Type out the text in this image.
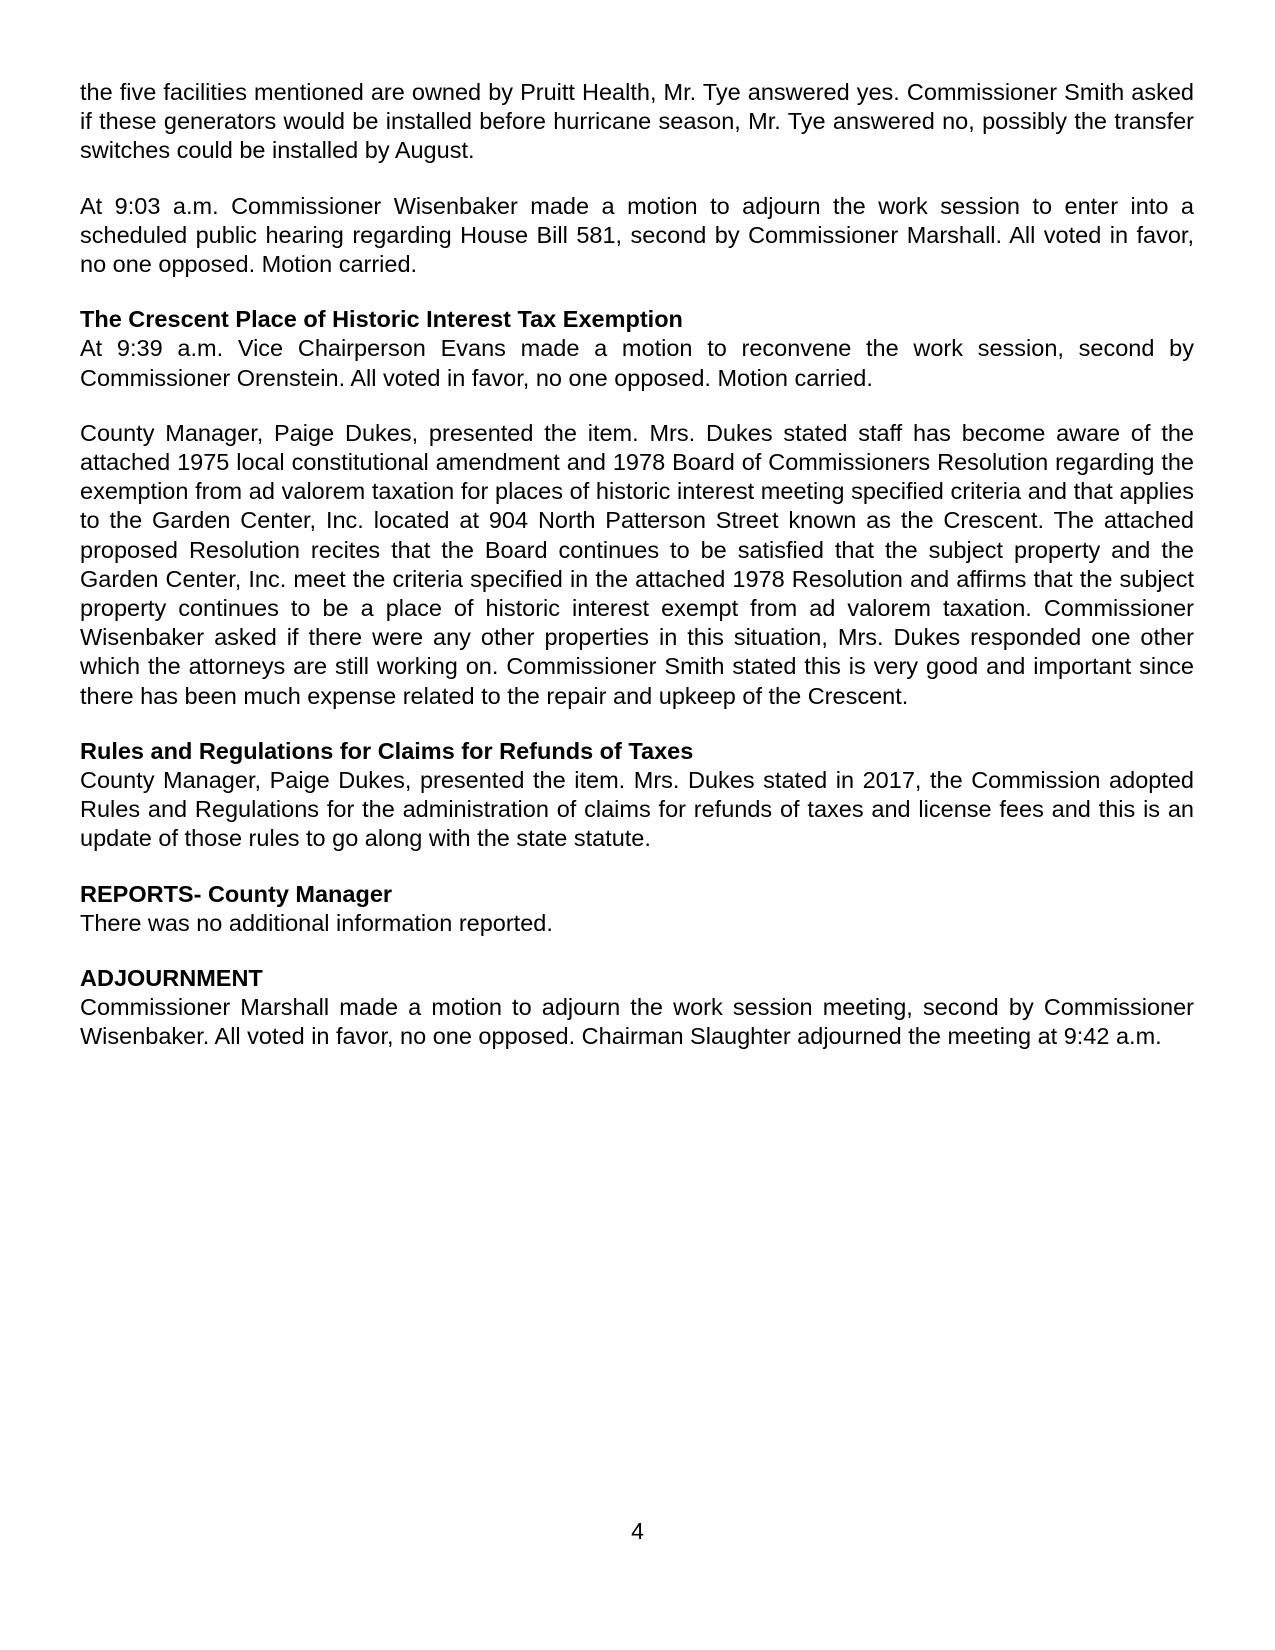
the five facilities mentioned are owned by Pruitt Health, Mr. Tye answered yes. Commissioner Smith asked if these generators would be installed before hurricane season, Mr. Tye answered no, possibly the transfer switches could be installed by August.

At 9:03 a.m. Commissioner Wisenbaker made a motion to adjourn the work session to enter into a scheduled public hearing regarding House Bill 581, second by Commissioner Marshall. All voted in favor, no one opposed. Motion carried.

The Crescent Place of Historic Interest Tax Exemption

At 9:39 a.m. Vice Chairperson Evans made a motion to reconvene the work session, second by Commissioner Orenstein. All voted in favor, no one opposed. Motion carried.

County Manager, Paige Dukes, presented the item. Mrs. Dukes stated staff has become aware of the attached 1975 local constitutional amendment and 1978 Board of Commissioners Resolution regarding the exemption from ad valorem taxation for places of historic interest meeting specified criteria and that applies to the Garden Center, Inc. located at 904 North Patterson Street known as the Crescent. The attached proposed Resolution recites that the Board continues to be satisfied that the subject property and the Garden Center, Inc. meet the criteria specified in the attached 1978 Resolution and affirms that the subject property continues to be a place of historic interest exempt from ad valorem taxation. Commissioner Wisenbaker asked if there were any other properties in this situation, Mrs. Dukes responded one other which the attorneys are still working on. Commissioner Smith stated this is very good and important since there has been much expense related to the repair and upkeep of the Crescent.

Rules and Regulations for Claims for Refunds of Taxes

County Manager, Paige Dukes, presented the item. Mrs. Dukes stated in 2017, the Commission adopted Rules and Regulations for the administration of claims for refunds of taxes and license fees and this is an update of those rules to go along with the state statute.

REPORTS- County Manager

There was no additional information reported.

ADJOURNMENT

Commissioner Marshall made a motion to adjourn the work session meeting, second by Commissioner Wisenbaker. All voted in favor, no one opposed. Chairman Slaughter adjourned the meeting at 9:42 a.m.

4
